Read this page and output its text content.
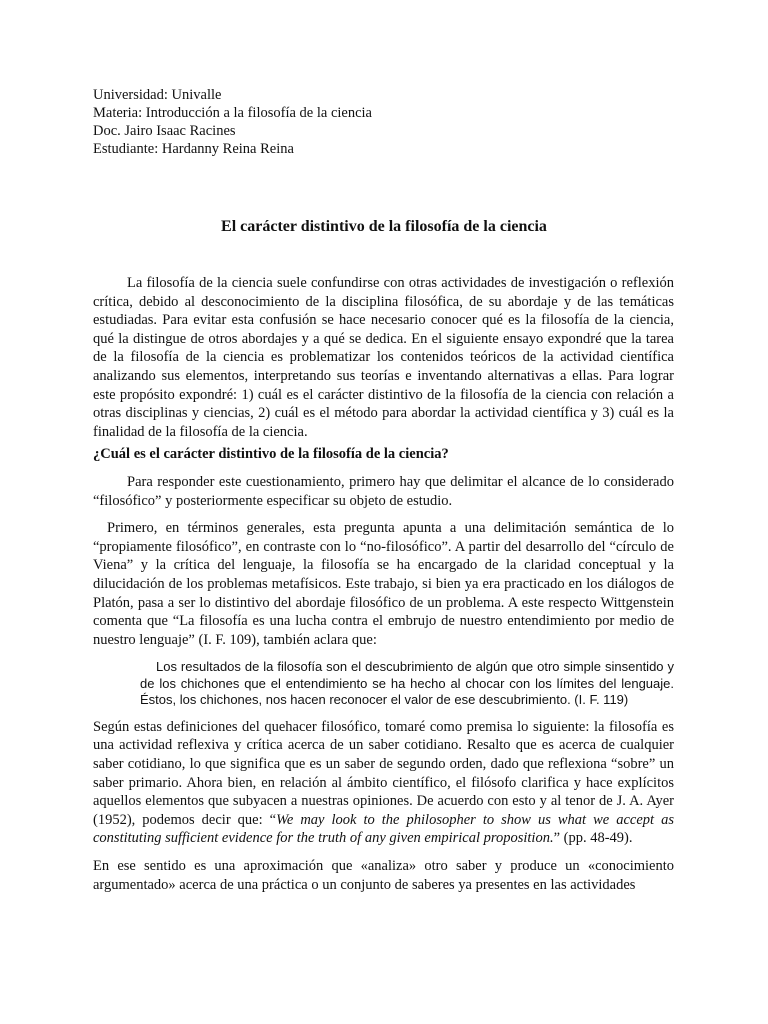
Universidad: Univalle
Materia: Introducción a la filosofía de la ciencia
Doc. Jairo Isaac Racines
Estudiante: Hardanny Reina Reina
El carácter distintivo de la filosofía de la ciencia

La filosofía de la ciencia suele confundirse con otras actividades de investigación o reflexión crítica, debido al desconocimiento de la disciplina filosófica, de su abordaje y de las temáticas estudiadas. Para evitar esta confusión se hace necesario conocer qué es la filosofía de la ciencia, qué la distingue de otros abordajes y a qué se dedica. En el siguiente ensayo expondré que la tarea de la filosofía de la ciencia es problematizar los contenidos teóricos de la actividad científica analizando sus elementos, interpretando sus teorías e inventando alternativas a ellas. Para lograr este propósito expondré: 1) cuál es el carácter distintivo de la filosofía de la ciencia con relación a otras disciplinas y ciencias, 2) cuál es el método para abordar la actividad científica y 3) cuál es la finalidad de la filosofía de la ciencia.

¿Cuál es el carácter distintivo de la filosofía de la ciencia?

Para responder este cuestionamiento, primero hay que delimitar el alcance de lo considerado “filosófico” y posteriormente especificar su objeto de estudio.

Primero, en términos generales, esta pregunta apunta a una delimitación semántica de lo “propiamente filosófico”, en contraste con lo “no-filosófico”. A partir del desarrollo del “círculo de Viena” y la crítica del lenguaje, la filosofía se ha encargado de la claridad conceptual y la dilucidación de los problemas metafísicos. Este trabajo, si bien ya era practicado en los diálogos de Platón, pasa a ser lo distintivo del abordaje filosófico de un problema. A este respecto Wittgenstein comenta que “La filosofía es una lucha contra el embrujo de nuestro entendimiento por medio de nuestro lenguaje” (I. F. 109), también aclara que:

Los resultados de la filosofía son el descubrimiento de algún que otro simple sinsentido y de los chichones que el entendimiento se ha hecho al chocar con los límites del lenguaje. Éstos, los chichones, nos hacen reconocer el valor de ese descubrimiento. (I. F. 119)

Según estas definiciones del quehacer filosófico, tomaré como premisa lo siguiente: la filosofía es una actividad reflexiva y crítica acerca de un saber cotidiano. Resalto que es acerca de cualquier saber cotidiano, lo que significa que es un saber de segundo orden, dado que reflexiona “sobre” un saber primario. Ahora bien, en relación al ámbito científico, el filósofo clarifica y hace explícitos aquellos elementos que subyacen a nuestras opiniones. De acuerdo con esto y al tenor de J. A. Ayer (1952), podemos decir que: “We may look to the philosopher to show us what we accept as constituting sufficient evidence for the truth of any given empirical proposition.” (pp. 48-49).

En ese sentido es una aproximación que «analiza» otro saber y produce un «conocimiento argumentado» acerca de una práctica o un conjunto de saberes ya presentes en las actividades
